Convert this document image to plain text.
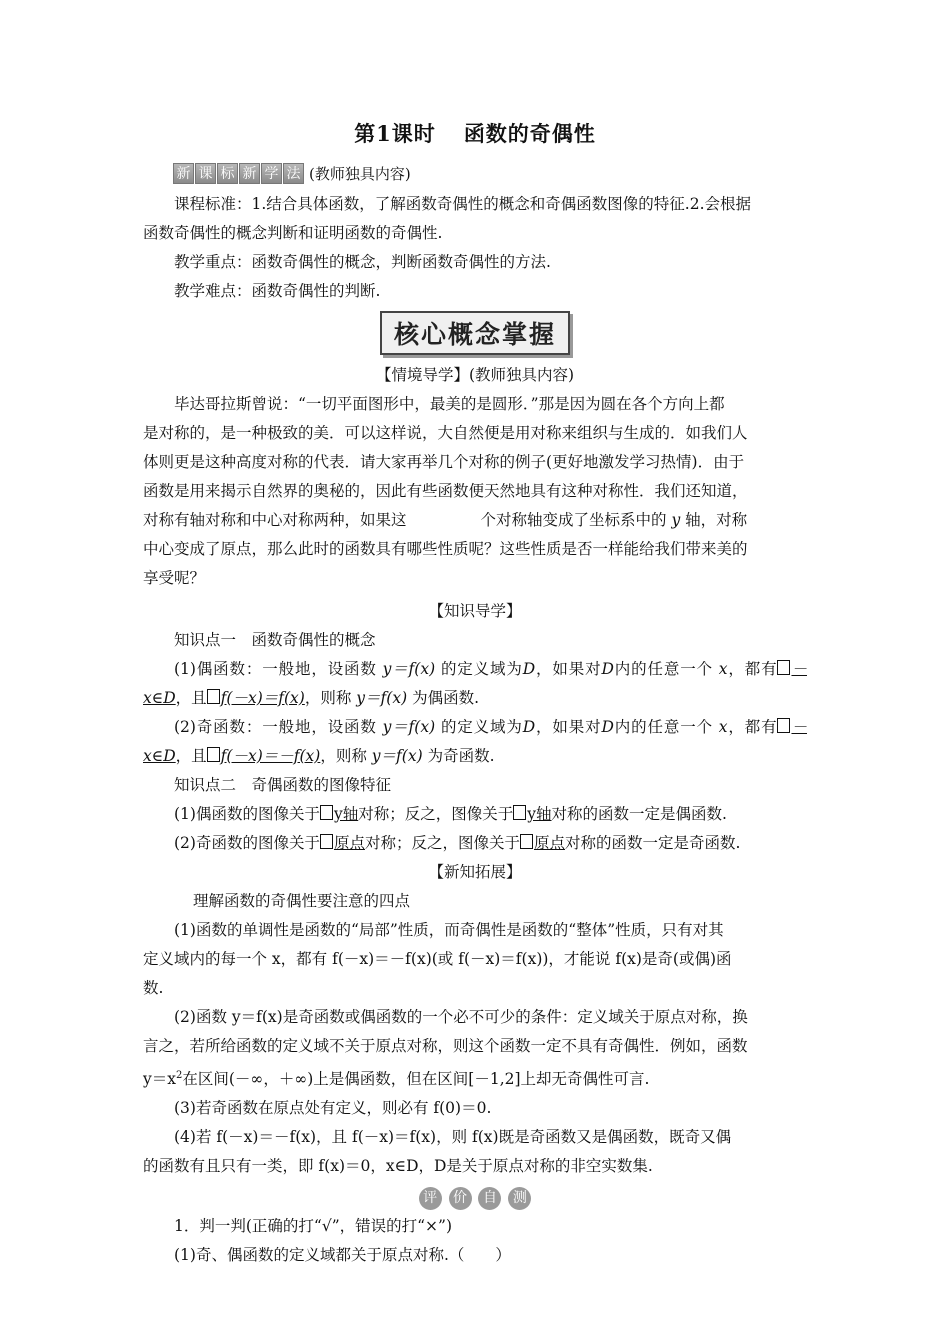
第1课时 函数的奇偶性
新 课 标 新 学 法 (教师独具内容)

课程标准：1.结合具体函数，了解函数奇偶性的概念和奇偶函数图像的特征.2.会根据

函数奇偶性的概念判断和证明函数的奇偶性.

教学重点：函数奇偶性的概念，判断函数奇偶性的方法.

教学难点：函数奇偶性的判断.

核心概念掌握

【情境导学】(教师独具内容)

毕达哥拉斯曾说：“一切平面图形中，最美的是圆形．”那是因为圆在各个方向上都

是对称的，是一种极致的美．可以这样说，大自然便是用对称来组织与生成的．如我们人

体则更是这种高度对称的代表．请大家再举几个对称的例子(更好地激发学习热情)．由于

函数是用来揭示自然界的奥秘的，因此有些函数便天然地具有这种对称性．我们还知道，

对称有轴对称和中心对称两种，如果这	个对称轴变成了坐标系中的 y 轴，对称

中心变成了原点，那么此时的函数具有哪些性质呢？这些性质是否一样能给我们带来美的

享受呢？

【知识导学】

知识点一　函数奇偶性的概念

(1)偶函数：一般地，设函数 y＝f(x) 的定义域为D，如果对D内的任意一个 x，都有 －x∈D，且 f(－x)＝f(x)，则称 y＝f(x) 为偶函数.

(2)奇函数：一般地，设函数 y＝f(x) 的定义域为D，如果对D内的任意一个 x，都有 －x∈D，且 f(－x)＝－f(x)，则称 y＝f(x) 为奇函数.

知识点二　奇偶函数的图像特征

(1)偶函数的图像关于 y轴对称；反之，图像关于 y轴对称的函数一定是偶函数.

(2)奇函数的图像关于 原点对称；反之，图像关于 原点对称的函数一定是奇函数.

【新知拓展】

理解函数的奇偶性要注意的四点

(1)函数的单调性是函数的“局部”性质，而奇偶性是函数的“整体”性质，只有对其

定义域内的每一个 x，都有 f(－x)＝－f(x)(或 f(－x)＝f(x))，才能说 f(x)是奇(或偶)函

数.

(2)函数 y＝f(x)是奇函数或偶函数的一个必不可少的条件：定义域关于原点对称，换

言之，若所给函数的定义域不关于原点对称，则这个函数一定不具有奇偶性．例如，函数

$y=x^2$在区间(－∞，＋∞)上是偶函数，但在区间[－1,2]上却无奇偶性可言.

(3)若奇函数在原点处有定义，则必有 f(0)＝0.

(4)若 f(－x)＝－f(x)，且 f(－x)＝f(x)，则 f(x)既是奇函数又是偶函数，既奇又偶

的函数有且只有一类，即 f(x)＝0，x∈D，D是关于原点对称的非空实数集.

评 价 自 测

1．判一判(正确的打“√”，错误的打“×”)

(1)奇、偶函数的定义域都关于原点对称.（　　）
